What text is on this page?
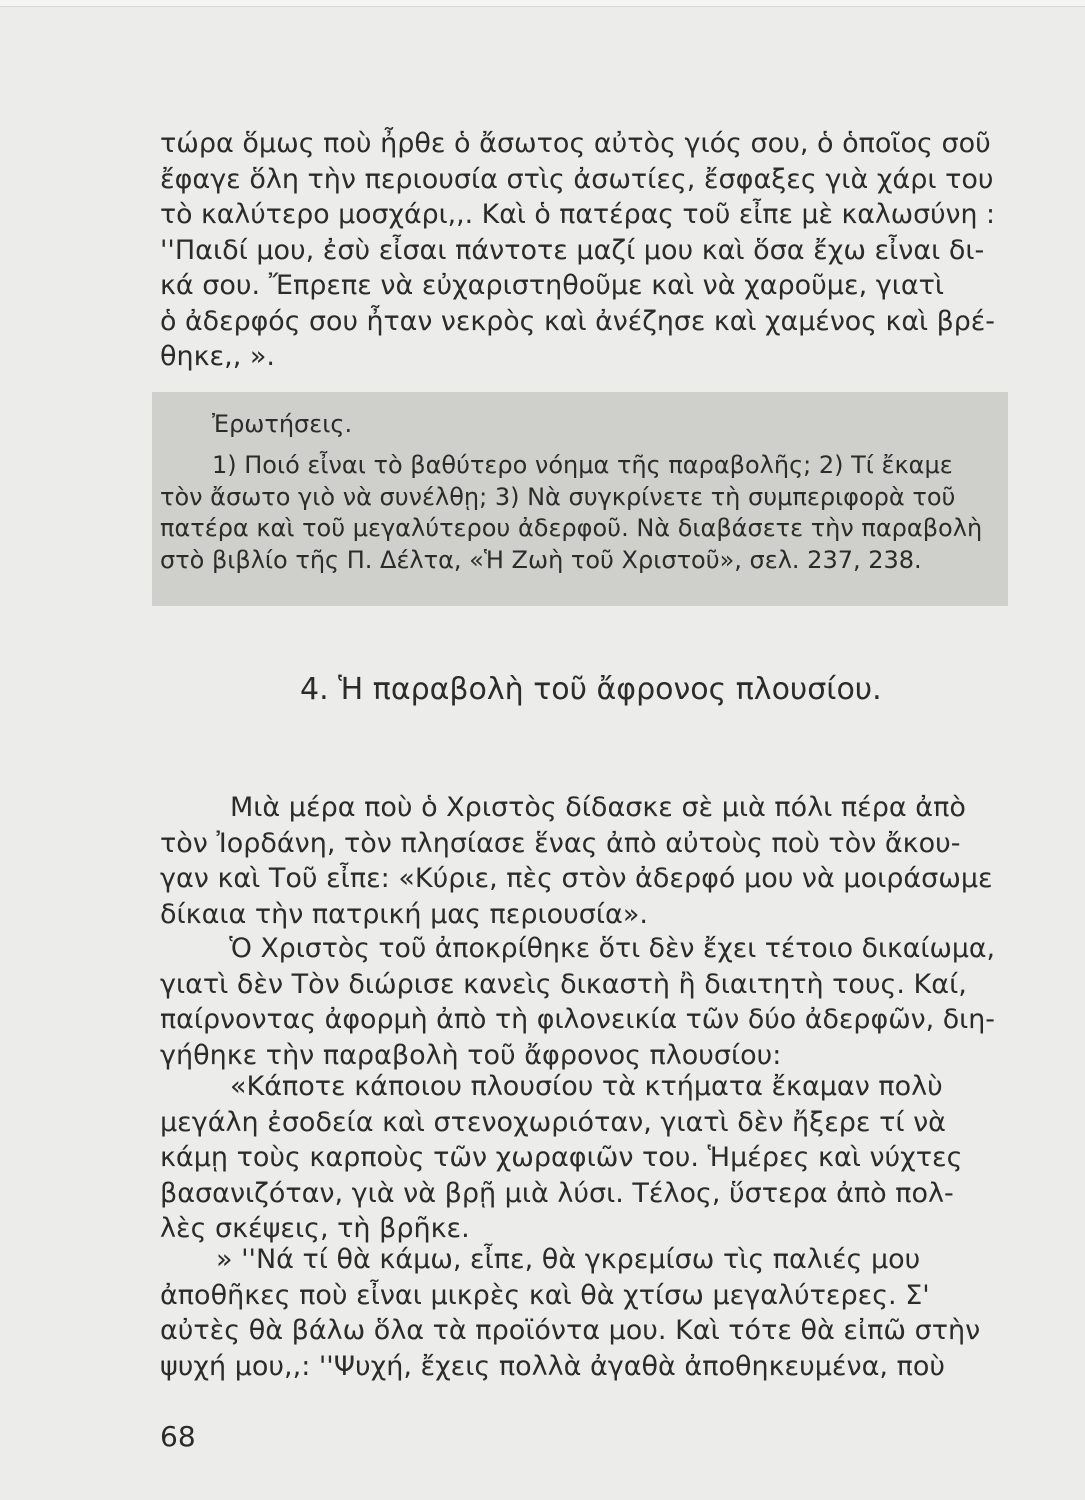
τώρα ὅμως ποὺ ἦρθε ὁ ἄσωτος αὐτὸς γιός σου, ὁ ὁποῖος σοῦ
ἔφαγε ὅλη τὴν περιουσία στὶς ἀσωτίες, ἔσφαξες γιὰ χάρι του
τὸ καλύτερο μοσχάρι,,. Καὶ ὁ πατέρας τοῦ εἶπε μὲ καλωσύνη :
''Παιδί μου, ἐσὺ εἶσαι πάντοτε μαζί μου καὶ ὅσα ἔχω εἶναι δι-
κά σου. Ἔπρεπε νὰ εὐχαριστηθοῦμε καὶ νὰ χαροῦμε, γιατὶ
ὁ ἀδερφός σου ἦταν νεκρὸς καὶ ἀνέζησε καὶ χαμένος καὶ βρέ-
θηκε,, ».

Ἐρωτήσεις.

1) Ποιό εἶναι τὸ βαθύτερο νόημα τῆς παραβολῆς; 2) Τί ἔκαμε
τὸν ἄσωτο γιὸ νὰ συνέλθῃ; 3) Νὰ συγκρίνετε τὴ συμπεριφορὰ τοῦ
πατέρα καὶ τοῦ μεγαλύτερου ἀδερφοῦ. Νὰ διαβάσετε τὴν παραβολὴ
στὸ βιβλίο τῆς Π. Δέλτα, «Ἡ Ζωὴ τοῦ Χριστοῦ», σελ. 237, 238.
4. Ἡ παραβολὴ τοῦ ἄφρονος πλουσίου.
Μιὰ μέρα ποὺ ὁ Χριστὸς δίδασκε σὲ μιὰ πόλι πέρα ἀπὸ
τὸν Ἰορδάνη, τὸν πλησίασε ἕνας ἀπὸ αὐτοὺς ποὺ τὸν ἄκου-
γαν καὶ Τοῦ εἶπε: «Κύριε, πὲς στὸν ἀδερφό μου νὰ μοιράσωμε
δίκαια τὴν πατρική μας περιουσία».
Ὁ Χριστὸς τοῦ ἀποκρίθηκε ὅτι δὲν ἔχει τέτοιο δικαίωμα,
γιατὶ δὲν Τὸν διώρισε κανεὶς δικαστὴ ἢ διαιτητὴ τους. Καί,
παίρνοντας ἀφορμὴ ἀπὸ τὴ φιλονεικία τῶν δύο ἀδερφῶν, διη-
γήθηκε τὴν παραβολὴ τοῦ ἄφρονος πλουσίου:
«Κάποτε κάποιου πλουσίου τὰ κτήματα ἔκαμαν πολὺ
μεγάλη ἐσοδεία καὶ στενοχωριόταν, γιατὶ δὲν ἤξερε τί νὰ
κάμῃ τοὺς καρποὺς τῶν χωραφιῶν του. Ἡμέρες καὶ νύχτες
βασανιζόταν, γιὰ νὰ βρῇ μιὰ λύσι. Τέλος, ὕστερα ἀπὸ πολ-
λὲς σκέψεις, τὴ βρῆκε.
» ''Νά τί θὰ κάμω, εἶπε, θὰ γκρεμίσω τὶς παλιές μου
ἀποθῆκες ποὺ εἶναι μικρὲς καὶ θὰ χτίσω μεγαλύτερες. Σ'
αὐτὲς θὰ βάλω ὅλα τὰ προϊόντα μου. Καὶ τότε θὰ εἰπῶ στὴν
ψυχή μου,,: ''Ψυχή, ἔχεις πολλὰ ἀγαθὰ ἀποθηκευμένα, ποὺ

68
